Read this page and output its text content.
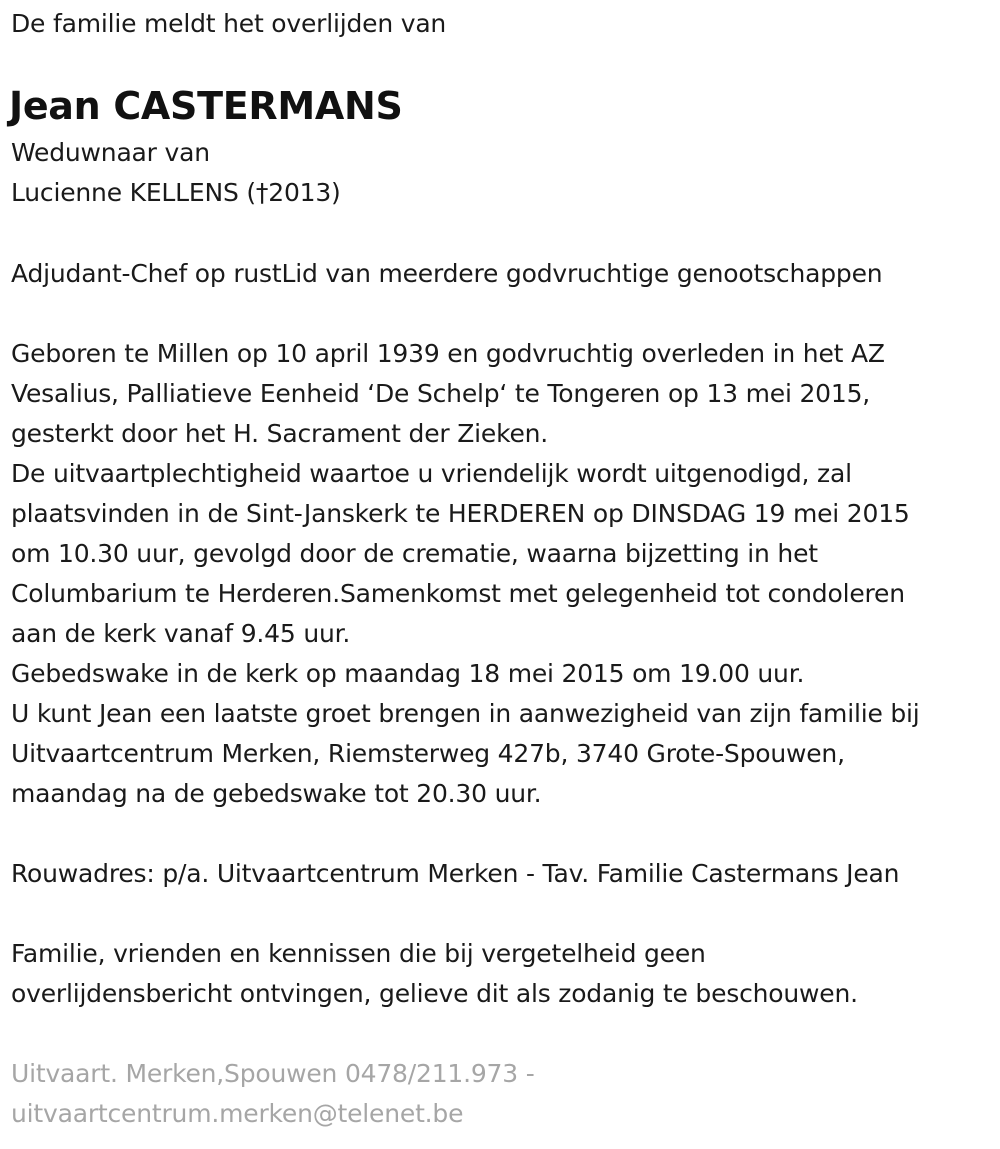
De familie meldt het overlijden van
Jean CASTERMANS
Weduwnaar van
Lucienne KELLENS (†2013)
Adjudant-Chef op rustLid van meerdere godvruchtige genootschappen
Geboren te Millen op 10 april 1939 en godvruchtig overleden in het AZ
Vesalius, Palliatieve Eenheid ‘De Schelp‘ te Tongeren op 13 mei 2015,
gesterkt door het H. Sacrament der Zieken.
De uitvaartplechtigheid waartoe u vriendelijk wordt uitgenodigd, zal
plaatsvinden in de Sint-Janskerk te HERDEREN op DINSDAG 19 mei 2015
om 10.30 uur, gevolgd door de crematie, waarna bijzetting in het
Columbarium te Herderen.Samenkomst met gelegenheid tot condoleren
aan de kerk vanaf 9.45 uur.
Gebedswake in de kerk op maandag 18 mei 2015 om 19.00 uur.
U kunt Jean een laatste groet brengen in aanwezigheid van zijn familie bij
Uitvaartcentrum Merken, Riemsterweg 427b, 3740 Grote-Spouwen,
maandag na de gebedswake tot 20.30 uur.
Rouwadres: p/a. Uitvaartcentrum Merken - Tav. Familie Castermans Jean
Familie, vrienden en kennissen die bij vergetelheid geen
overlijdensbericht ontvingen, gelieve dit als zodanig te beschouwen.
Uitvaart. Merken,Spouwen 0478/211.973 -
uitvaartcentrum.merken@telenet.be
